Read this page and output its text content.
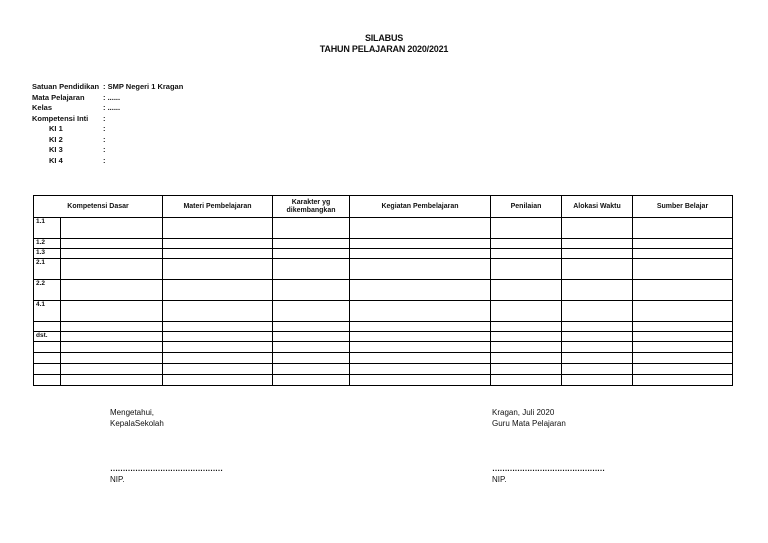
SILABUS
TAHUN PELAJARAN 2020/2021
Satuan Pendidikan : SMP Negeri 1 Kragan
Mata Pelajaran	: ......
Kelas	: ......
Kompetensi Inti	:
KI 1	:
KI 2	:
KI 3	:
KI 4	:
Kompetensi Dasar		Materi Pembelajaran	Karakter yg dikembangkan	Kegiatan Pembelajaran	Penilaian	Alokasi Waktu	Sumber Belajar
1.1							
1.2							
1.3							
2.1							
2.2							
4.1							

dst.							

Mengetahui,
KepalaSekolah
………………………………………
NIP.
Kragan, Juli 2020
Guru Mata Pelajaran
………………………………………
NIP.
